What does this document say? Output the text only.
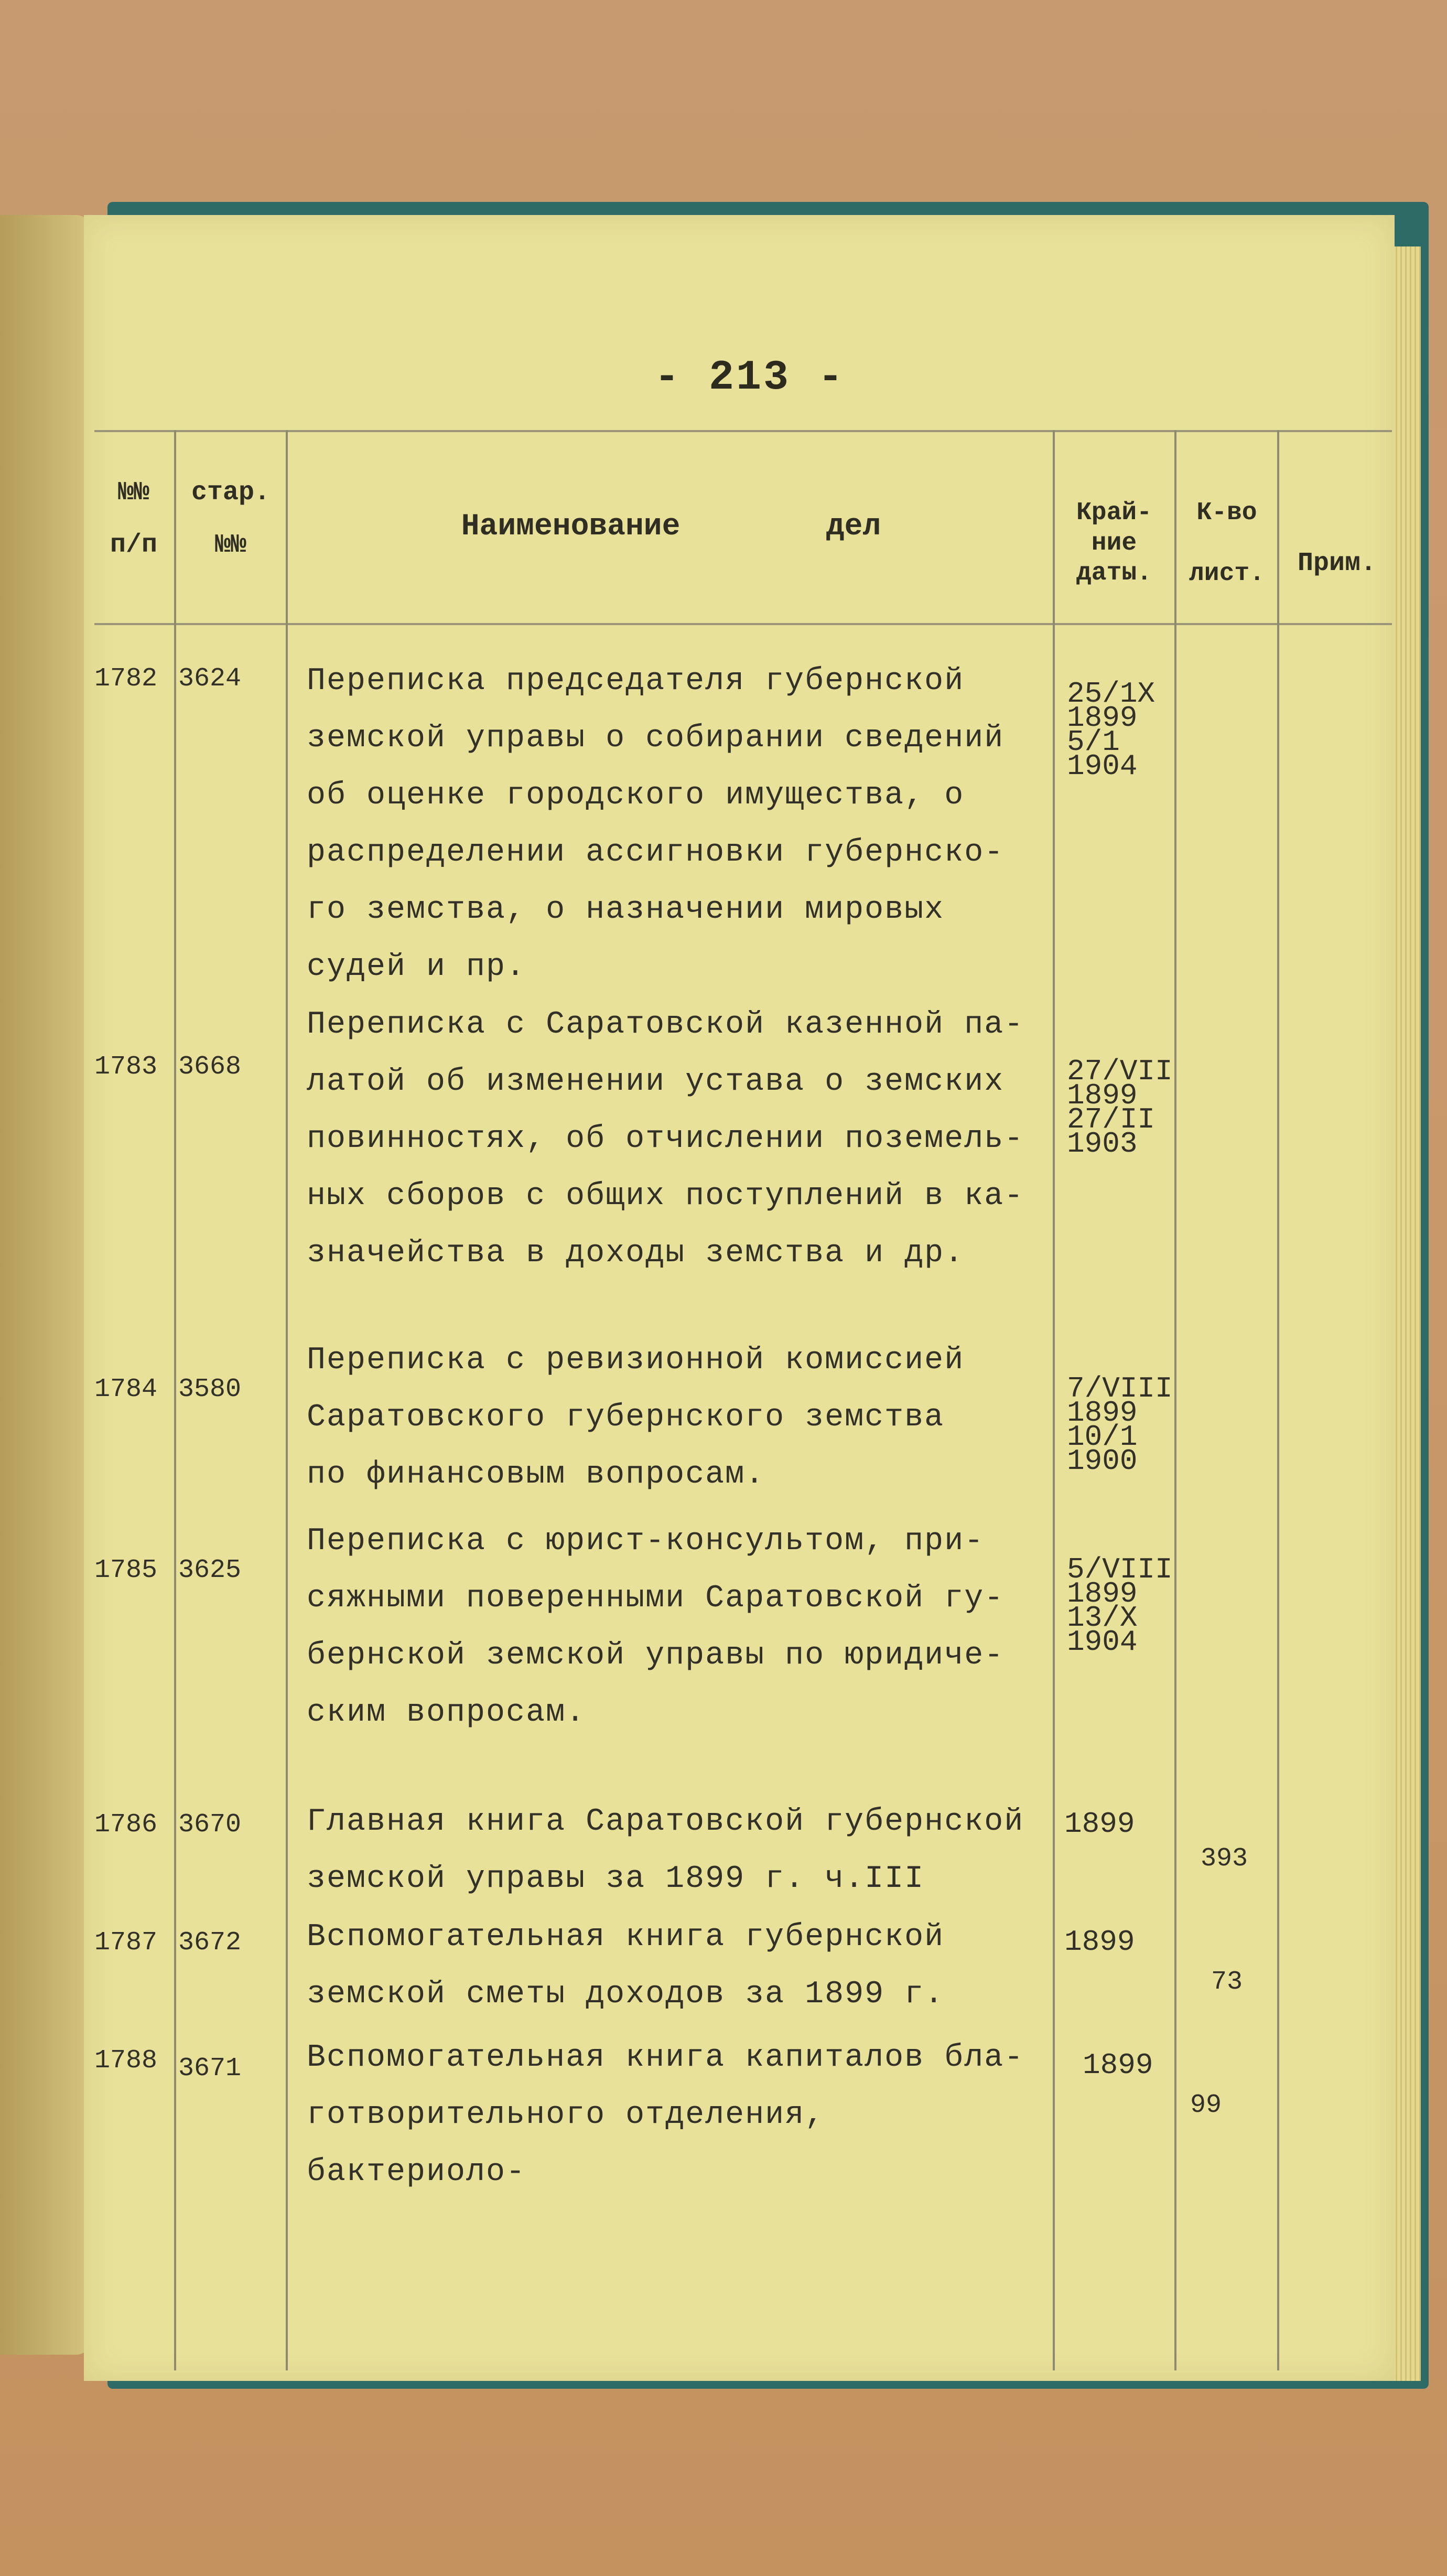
- 213 -
№№
п/п
стар.
№№
Наименование        дел	Край-
ние
даты.
К-во
лист.	Прим.
1782 3624 Переписка председателя губернской
земской управы о собирании сведений
об оценке городского имущества, о
распределении ассигновки губернско-
го земства, о назначении мировых
судей и пр.
25/1X
1899
5/1
1904
1783 3668
Переписка с Саратовской казенной па-
латой об изменении устава о земских
повинностях, об отчислении поземель-
ных сборов с общих поступлений в ка-
значейства в доходы земства и др.
27/VII
1899
27/II
1903
1784 3580
Переписка с ревизионной комиссией
Саратовского губернского земства
по финансовым вопросам.
7/VIII
1899
10/1
1900
1785 3625
Переписка с юрист-консультом, при-
сяжными поверенными Саратовской гу-
бернской земской управы по юридиче-
ским вопросам.
5/VIII
1899
13/X
1904
1786 3670 Главная книга Саратовской губернской
земской управы за 1899 г. ч.III
1899
393
1787 3672 Вспомогательная книга губернской
земской сметы доходов за 1899 г.
1899
73
1788 3671 Вспомогательная книга капиталов бла-
готворительного отделения, бактериоло-
1899
99
